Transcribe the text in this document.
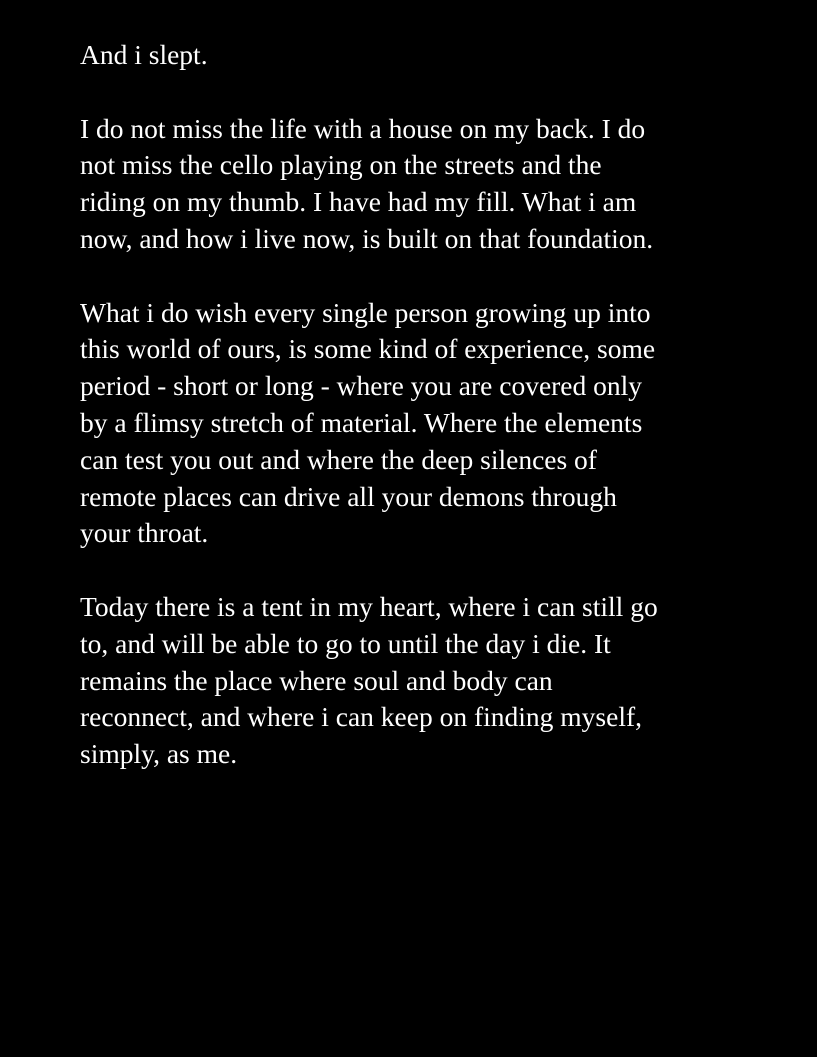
And i slept.

I do not miss the life with a house on my back. I do
not miss the cello playing on the streets and the
riding on my thumb. I have had my fill. What i am
now, and how i live now, is built on that foundation.

What i do wish every single person growing up into
this world of ours, is some kind of experience, some
period - short or long - where you are covered only
by a flimsy stretch of material. Where the elements
can test you out and where the deep silences of
remote places can drive all your demons through
your throat.

Today there is a tent in my heart, where i can still go
to, and will be able to go to until the day i die. It
remains the place where soul and body can
reconnect, and where i can keep on finding myself,
simply, as me.
